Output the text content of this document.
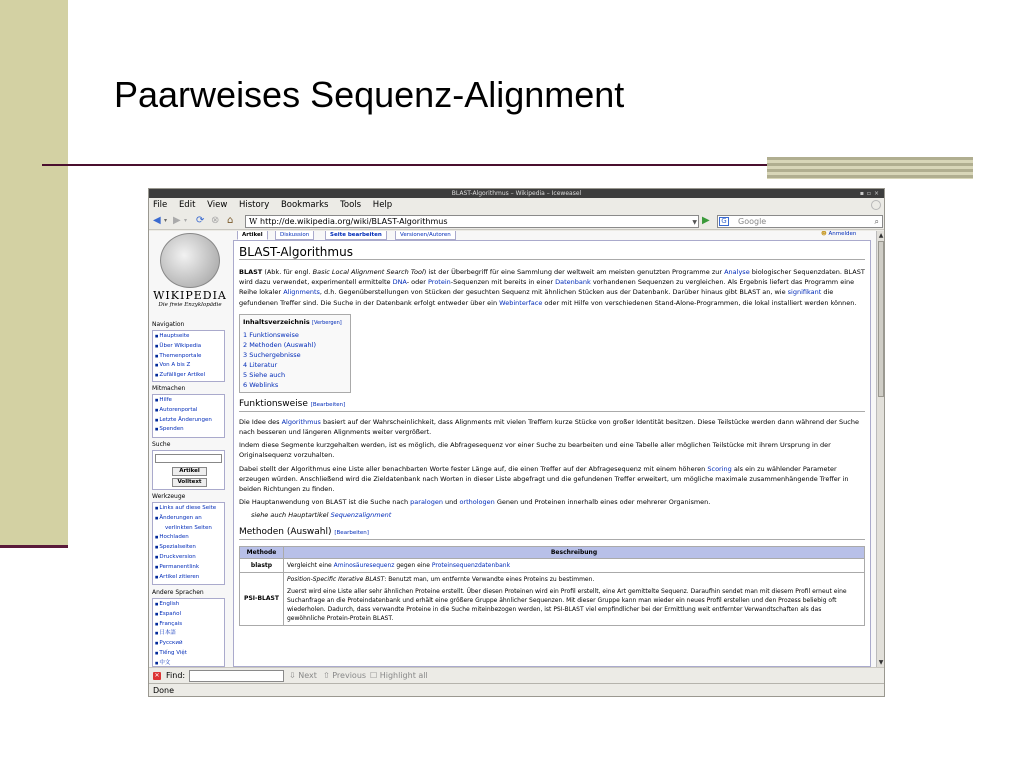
Paarweises Sequenz-Alignment
BLAST-Algorithmus – Wikipedia – Iceweasel	▪▫×
File Edit View History Bookmarks Tools Help
◀ ▾ ▶ ▾ ⟳ ⊗ ⌂ W http://de.wikipedia.org/wiki/BLAST-Algorithmus	▼ ▶	G Google	⌕
WIKIPEDIA
Die freie Enzyklopädie
Navigation
■ Hauptseite
■ Über Wikipedia
■ Themenportale
■ Von A bis Z
■ Zufälliger Artikel
Mitmachen
■ Hilfe
■ Autorenportal
■ Letzte Änderungen
■ Spenden
Suche
Artikel
Volltext
Werkzeuge
■ Links auf diese Seite
■ Änderungen an
verlinkten Seiten
■ Hochladen
■ Spezialseiten
■ Druckversion
■ Permanentlink
■ Artikel zitieren
Andere Sprachen
■ English
■ Español
■ Français
■ 日本語
■ Русский
■ Tiếng Việt
■ 中文
Artikel	Diskussion	Seite bearbeiten	Versionen/Autoren	☻ Anmelden
BLAST-Algorithmus

BLAST (Abk. für engl. Basic Local Alignment Search Tool) ist der Überbegriff für eine Sammlung der weltweit am meisten genutzten Programme zur Analyse biologischer Sequenzdaten. BLAST wird dazu verwendet, experimentell ermittelte DNA- oder Protein-Sequenzen mit bereits in einer Datenbank vorhandenen Sequenzen zu vergleichen. Als Ergebnis liefert das Programm eine Reihe lokaler Alignments, d.h. Gegenüberstellungen von Stücken der gesuchten Sequenz mit ähnlichen Stücken aus der Datenbank. Darüber hinaus gibt BLAST an, wie signifikant die gefundenen Treffer sind. Die Suche in der Datenbank erfolgt entweder über ein Webinterface oder mit Hilfe von verschiedenen Stand-Alone-Programmen, die lokal installiert werden können.

Inhaltsverzeichnis [Verbergen]
1 Funktionsweise
2 Methoden (Auswahl)
3 Suchergebnisse
4 Literatur
5 Siehe auch
6 Weblinks
Funktionsweise [Bearbeiten]

Die Idee des Algorithmus basiert auf der Wahrscheinlichkeit, dass Alignments mit vielen Treffern kurze Stücke von großer Identität besitzen. Diese Teilstücke werden dann während der Suche nach besseren und längeren Alignments weiter vergrößert.

Indem diese Segmente kurzgehalten werden, ist es möglich, die Abfragesequenz vor einer Suche zu bearbeiten und eine Tabelle aller möglichen Teilstücke mit ihrem Ursprung in der Originalsequenz vorzuhalten.

Dabei stellt der Algorithmus eine Liste aller benachbarten Worte fester Länge auf, die einen Treffer auf der Abfragesequenz mit einem höheren Scoring als ein zu wählender Parameter erzeugen würden. Anschließend wird die Zieldatenbank nach Worten in dieser Liste abgefragt und die gefundenen Treffer erweitert, um mögliche maximale zusammenhängende Treffer in beiden Richtungen zu finden.

Die Hauptanwendung von BLAST ist die Suche nach paralogen und orthologen Genen und Proteinen innerhalb eines oder mehrerer Organismen.

siehe auch Hauptartikel Sequenzalignment

Methoden (Auswahl) [Bearbeiten]
Methode	Beschreibung
blastp	Vergleicht eine Aminosäuresequenz gegen eine Proteinsequenzdatenbank
PSI-BLAST	Position-Specific Iterative BLAST: Benutzt man, um entfernte Verwandte eines Proteins zu bestimmen.
Zuerst wird eine Liste aller sehr ähnlichen Proteine erstellt. Über diesen Proteinen wird ein Profil erstellt, eine Art gemittelte Sequenz. Daraufhin sendet man mit diesem Profil erneut eine Suchanfrage an die Proteindatenbank und erhält eine größere Gruppe ähnlicher Sequenzen. Mit dieser Gruppe kann man wieder ein neues Profil erstellen und den Prozess beliebig oft wiederholen. Dadurch, dass verwandte Proteine in die Suche miteinbezogen werden, ist PSI-BLAST viel empfindlicher bei der Ermittlung weit entfernter Verwandtschaften als das gewöhnliche Protein-Protein BLAST.
▲
▼
✕ Find:	⇩ Next ⇧ Previous ☐ Highlight all
Done
